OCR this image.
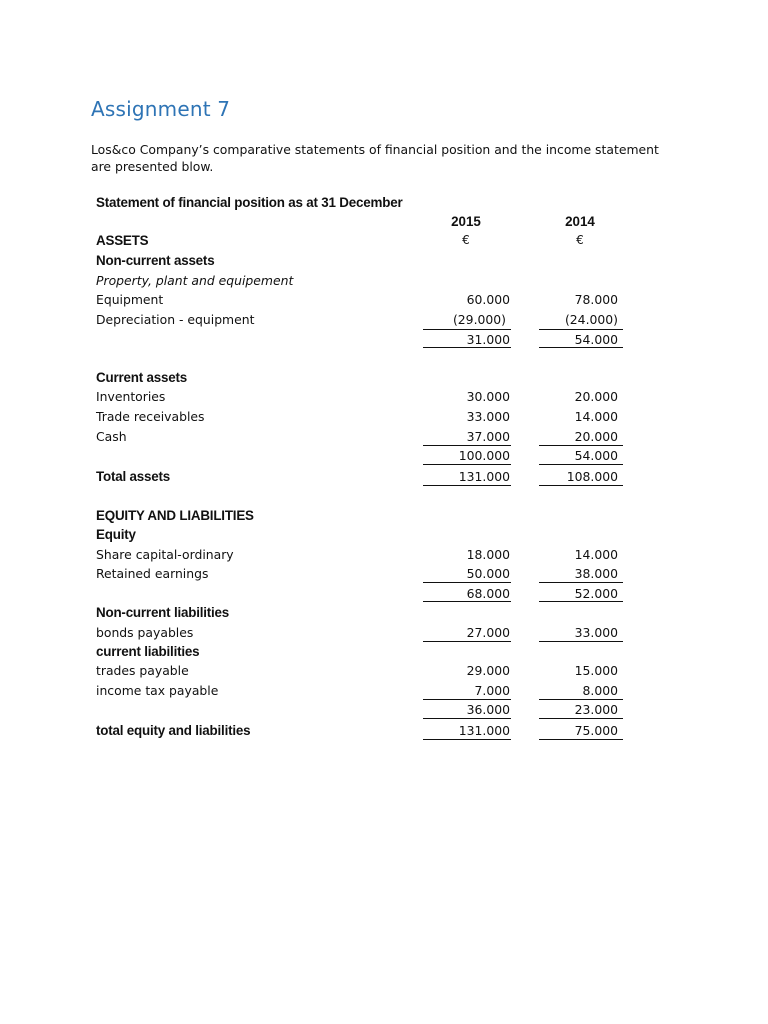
Assignment 7
Los&co Company’s comparative statements of financial position and the income statement
are presented blow.
Statement of financial position as at 31 December
2015	2014
ASSETS	€	€
Non-current assets
Property, plant and equipement
Equipment	60.000	78.000
Depreciation - equipment	(29.000)	(24.000)
31.000	54.000
Current assets
Inventories	30.000	20.000
Trade receivables	33.000	14.000
Cash	37.000	20.000
100.000	54.000
Total assets	131.000	108.000
EQUITY AND LIABILITIES
Equity
Share capital-ordinary	18.000	14.000
Retained earnings	50.000	38.000
68.000	52.000
Non-current liabilities
bonds payables	27.000	33.000
current liabilities
trades payable	29.000	15.000
income tax payable	7.000	8.000
36.000	23.000
total equity and liabilities	131.000	75.000
